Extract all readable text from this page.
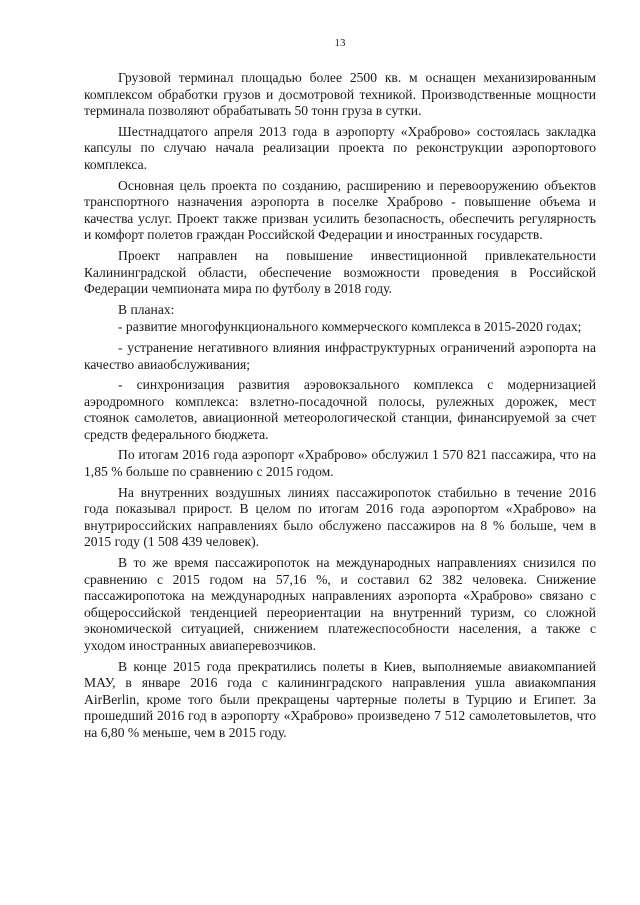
13

Грузовой терминал площадью более 2500 кв. м оснащен механизированным комплексом обработки грузов и досмотровой техникой. Производственные мощности терминала позволяют обрабатывать 50 тонн груза в сутки.

Шестнадцатого апреля 2013 года в аэропорту «Храброво» состоялась закладка капсулы по случаю начала реализации проекта по реконструкции аэропортового комплекса.

Основная цель проекта по созданию, расширению и перевооружению объектов транспортного назначения аэропорта в поселке Храброво - повышение объема и качества услуг. Проект также призван усилить безопасность, обеспечить регулярность и комфорт полетов граждан Российской Федерации и иностранных государств.

Проект направлен на повышение инвестиционной привлекательности Калининградской области, обеспечение возможности проведения в Российской Федерации чемпионата мира по футболу в 2018 году.

В планах:

- развитие многофункционального коммерческого комплекса в 2015-2020 годах;

- устранение негативного влияния инфраструктурных ограничений аэропорта на качество авиаобслуживания;

- синхронизация развития аэровокзального комплекса с модернизацией аэродромного комплекса: взлетно-посадочной полосы, рулежных дорожек, мест стоянок самолетов, авиационной метеорологической станции, финансируемой за счет средств федерального бюджета.

По итогам 2016 года аэропорт «Храброво» обслужил 1 570 821 пассажира, что на 1,85 % больше по сравнению с 2015 годом.

На внутренних воздушных линиях пассажиропоток стабильно в течение 2016 года показывал прирост. В целом по итогам 2016 года аэропортом «Храброво» на внутрироссийских направлениях было обслужено пассажиров на 8 % больше, чем в 2015 году (1 508 439 человек).

В то же время пассажиропоток на международных направлениях снизился по сравнению с 2015 годом на 57,16 %, и составил 62 382 человека. Снижение пассажиропотока на международных направлениях аэропорта «Храброво» связано с общероссийской тенденцией переориентации на внутренний туризм, со сложной экономической ситуацией, снижением платежеспособности населения, а также с уходом иностранных авиаперевозчиков.

В конце 2015 года прекратились полеты в Киев, выполняемые авиакомпанией МАУ, в январе 2016 года с калининградского направления ушла авиакомпания AirBerlin, кроме того были прекращены чартерные полеты в Турцию и Египет. За прошедший 2016 год в аэропорту «Храброво» произведено 7 512 самолетовылетов, что на 6,80 % меньше, чем в 2015 году.
